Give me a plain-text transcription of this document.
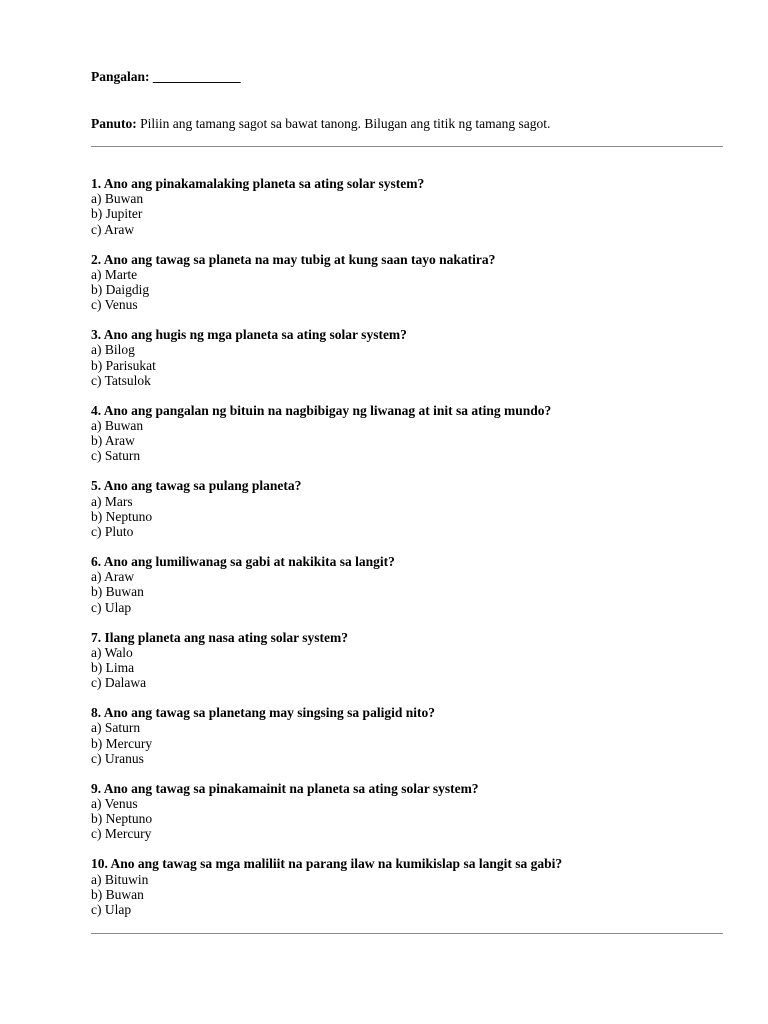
Pangalan: _____________
Panuto: Piliin ang tamang sagot sa bawat tanong. Bilugan ang titik ng tamang sagot.
1. Ano ang pinakamalaking planeta sa ating solar system?
a) Buwan
b) Jupiter
c) Araw
2. Ano ang tawag sa planeta na may tubig at kung saan tayo nakatira?
a) Marte
b) Daigdig
c) Venus
3. Ano ang hugis ng mga planeta sa ating solar system?
a) Bilog
b) Parisukat
c) Tatsulok
4. Ano ang pangalan ng bituin na nagbibigay ng liwanag at init sa ating mundo?
a) Buwan
b) Araw
c) Saturn
5. Ano ang tawag sa pulang planeta?
a) Mars
b) Neptuno
c) Pluto
6. Ano ang lumiliwanag sa gabi at nakikita sa langit?
a) Araw
b) Buwan
c) Ulap
7. Ilang planeta ang nasa ating solar system?
a) Walo
b) Lima
c) Dalawa
8. Ano ang tawag sa planetang may singsing sa paligid nito?
a) Saturn
b) Mercury
c) Uranus
9. Ano ang tawag sa pinakamainit na planeta sa ating solar system?
a) Venus
b) Neptuno
c) Mercury
10. Ano ang tawag sa mga maliliit na parang ilaw na kumikislap sa langit sa gabi?
a) Bituwin
b) Buwan
c) Ulap
